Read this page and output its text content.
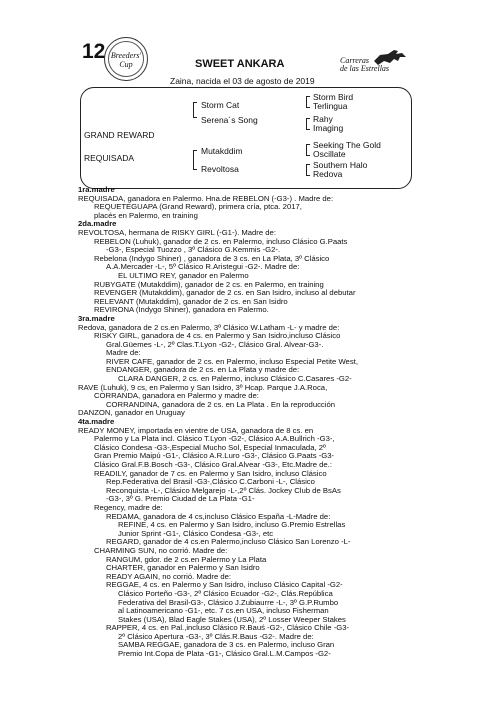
12 Breeders' Cup	SWEET ANKARA
Zaina, nacida el 03 de agosto de 2019
Carreras
de las Estrellas
GRAND REWARD
REQUISADA
Storm Cat
Serena´s Song
Mutakddim
Revoltosa
Storm Bird
Terlingua
Rahy
Imaging
Seeking The Gold
Oscillate
Southern Halo
Redova
1ra.madre
REQUISADA, ganadora en Palermo. Hna.de REBELON (-G3-) . Madre de:
REQUETEGUAPA (Grand Reward), primera cría, ptca. 2017,
placés en Palermo, en training
2da.madre
REVOLTOSA, hermana de RISKY GIRL (-G1-). Madre de:
REBELON (Luhuk), ganador de 2 cs. en Palermo, incluso Clásico G.Paats
-G3-, Especial Tuozzo , 3º Clásico G.Kemmis -G2-.
Rebelona (Indygo Shiner) , ganadora de 3 cs. en La Plata, 3º Clásico
A.A.Mercader -L-, 5º Clásico R.Aristegui -G2-. Madre de:
EL ULTIMO REY, ganador en Palermo
RUBYGATE (Mutakddim), ganador de 2 cs. en Palermo, en training
REVENGER (Mutakddim), ganador de 2 cs. en San Isidro, incluso al debutar
RELEVANT (Mutakddim), ganador de 2 cs. en San Isidro
REVIRONA (Indygo Shiner), ganadora en Palermo.
3ra.madre
Redova, ganadora de 2 cs.en Palermo, 3º Clásico W.Latham -L- y madre de:
RISKY GIRL, ganadora de 4 cs. en Palermo y San Isidro,incluso Clásico
Gral.Güemes -L-, 2º Clas.T.Lyon -G2-, Clásico Gral. Alvear-G3-.
Madre de:
RIVER CAFE, ganador de 2 cs. en Palermo, incluso Especial Petite West,
ENDANGER, ganadora de 2 cs. en La Plata y madre de:
CLARA DANGER, 2 cs. en Palermo, incluso Clásico C.Casares -G2-
RAVE (Luhuk), 9 cs, en Palermo y San Isidro, 3º Hcap. Parque J.A.Roca,
CORRANDA, ganadora en Palermo y madre de:
CORRANDINA, ganadora de 2 cs. en La Plata . En la reproducción
DANZON, ganador en Uruguay
4ta.madre
READY MONEY, importada en vientre de USA, ganadora de 8 cs. en
Palermo y La Plata incl. Clásico T.Lyon -G2-, Clásico A.A.Bullrich -G3-,
Clásico Condesa -G3-,Especial Mucho Sol, Especial Inmaculada, 2º
Gran Premio Maipú -G1-, Clásico A.R.Luro -G3-, Clásico G.Paats -G3-
Clásico Gral.F.B.Bosch -G3-, Clásico Gral.Alvear -G3-, Etc.Madre de.:
READILY, ganador de 7 cs. en Palermo y San Isidro, incluso Clásico
Rep.Federativa del Brasil -G3-,Clásico C.Carboni -L-, Clásico
Reconquista -L-, Clásico Melgarejo -L-,2º Clás. Jockey Club de BsAs
-G3-, 3º G. Premio Ciudad de La Plata -G1-
Regency, madre de:
REDAMA, ganadora de 4 cs,incluso Clásico España -L-Madre de:
REFINE, 4 cs. en Palermo y San Isidro, incluso G.Premio Estrellas
Junior Sprint -G1-, Clásico Condesa -G3-, etc
REGARD, ganador de 4 cs.en Palermo,incluso Clásico San Lorenzo -L-
CHARMING SUN, no corrió. Madre de:
RANGUM, gdor. de 2 cs.en Palermo y La Plata
CHARTER, ganador en Palermo y San Isidro
READY AGAIN, no corrió. Madre de:
REGGAE, 4 cs. en Palermo y San Isidro, incluso Clásico Capital -G2-
Clásico Porteño -G3-, 2º Clásico Ecuador -G2-, Clás.República
Federativa del Brasil-G3-, Clásico J.Zubiaurre -L-, 3º G.P.Rumbo
al Latinoamericano -G1-, etc. 7 cs.en USA, incluso Fisherman
Stakes (USA), Blad Eagle Stakes (USA), 2º Losser Weeper Stakes
RAPPER, 4 cs. en Pal.,incluso Clásico R.Bauś -G2-, Clásico Chile -G3-
2º Clásico Apertura -G3-, 3º Clás.R.Baus -G2-. Madre de:
SAMBA REGGAE, ganadora de 3 cs. en Palermo, incluso Gran
Premio Int.Copa de Plata -G1-, Clásico Gral.L.M.Campos -G2-
